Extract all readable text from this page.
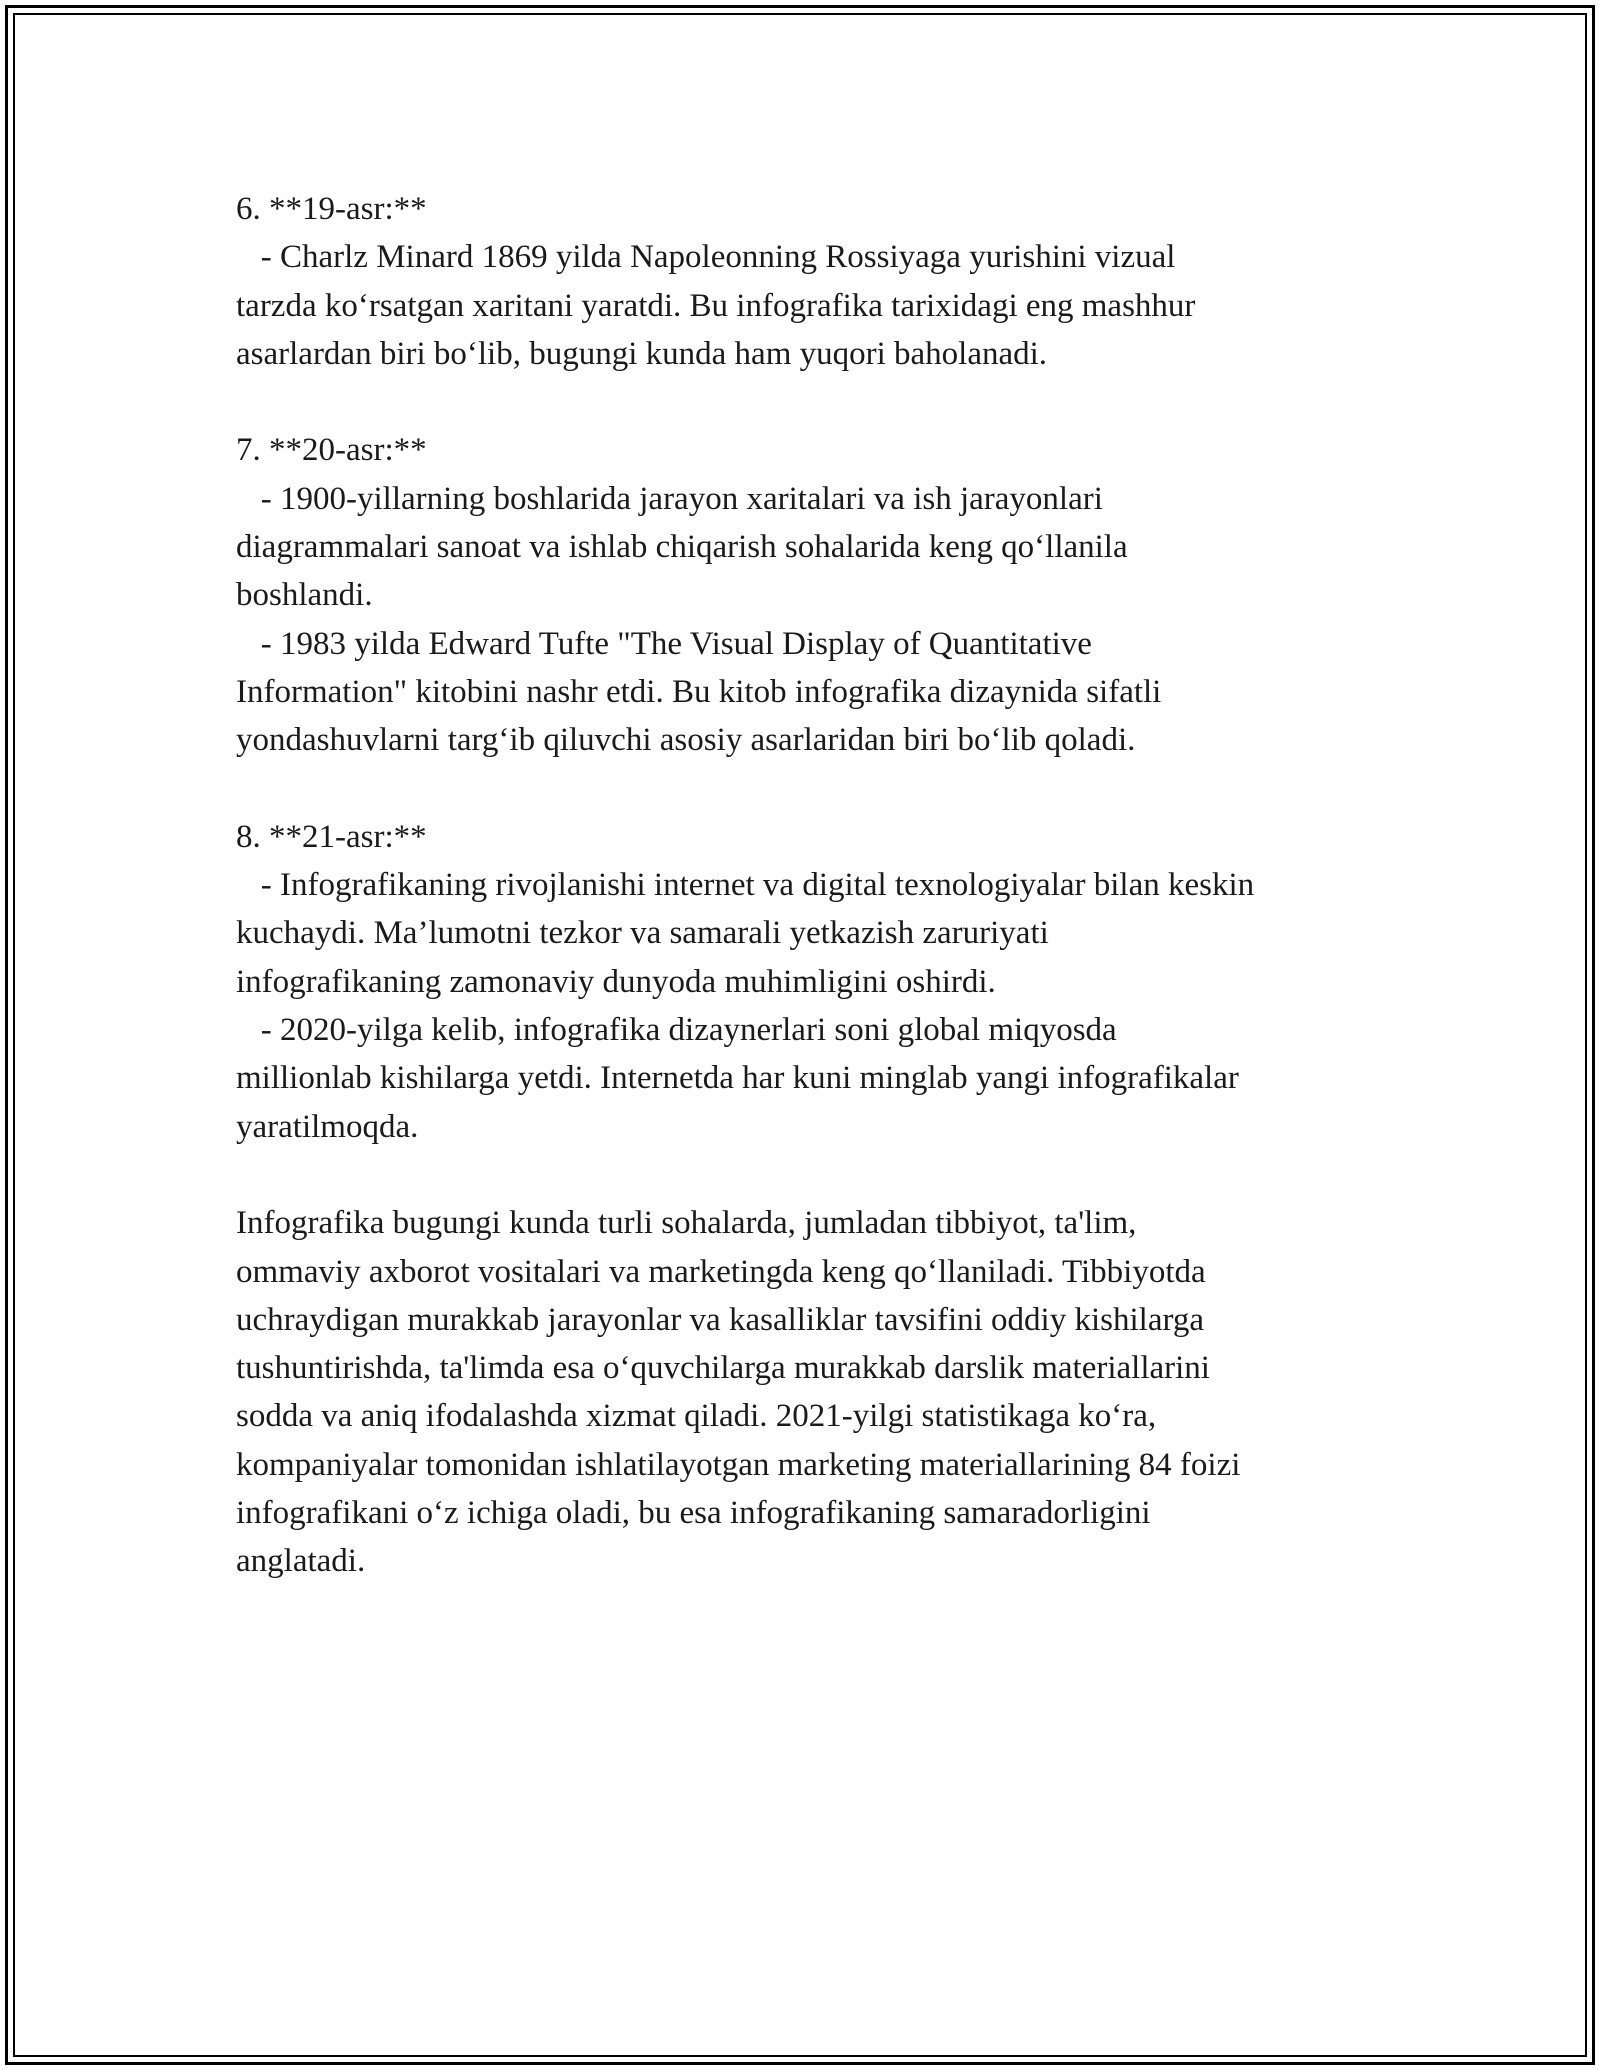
6. **19-asr:**
- Charlz Minard 1869 yilda Napoleonning Rossiyaga yurishini vizual
tarzda ko‘rsatgan xaritani yaratdi. Bu infografika tarixidagi eng mashhur
asarlardan biri bo‘lib, bugungi kunda ham yuqori baholanadi.
7. **20-asr:**
- 1900-yillarning boshlarida jarayon xaritalari va ish jarayonlari
diagrammalari sanoat va ishlab chiqarish sohalarida keng qo‘llanila
boshlandi.
- 1983 yilda Edward Tufte "The Visual Display of Quantitative
Information" kitobini nashr etdi. Bu kitob infografika dizaynida sifatli
yondashuvlarni targ‘ib qiluvchi asosiy asarlaridan biri bo‘lib qoladi.
8. **21-asr:**
- Infografikaning rivojlanishi internet va digital texnologiyalar bilan keskin
kuchaydi. Ma’lumotni tezkor va samarali yetkazish zaruriyati
infografikaning zamonaviy dunyoda muhimligini oshirdi.
- 2020-yilga kelib, infografika dizaynerlari soni global miqyosda
millionlab kishilarga yetdi. Internetda har kuni minglab yangi infografikalar
yaratilmoqda.
Infografika bugungi kunda turli sohalarda, jumladan tibbiyot, ta'lim,
ommaviy axborot vositalari va marketingda keng qo‘llaniladi. Tibbiyotda
uchraydigan murakkab jarayonlar va kasalliklar tavsifini oddiy kishilarga
tushuntirishda, ta'limda esa o‘quvchilarga murakkab darslik materiallarini
sodda va aniq ifodalashda xizmat qiladi. 2021-yilgi statistikaga ko‘ra,
kompaniyalar tomonidan ishlatilayotgan marketing materiallarining 84 foizi
infografikani o‘z ichiga oladi, bu esa infografikaning samaradorligini
anglatadi.
